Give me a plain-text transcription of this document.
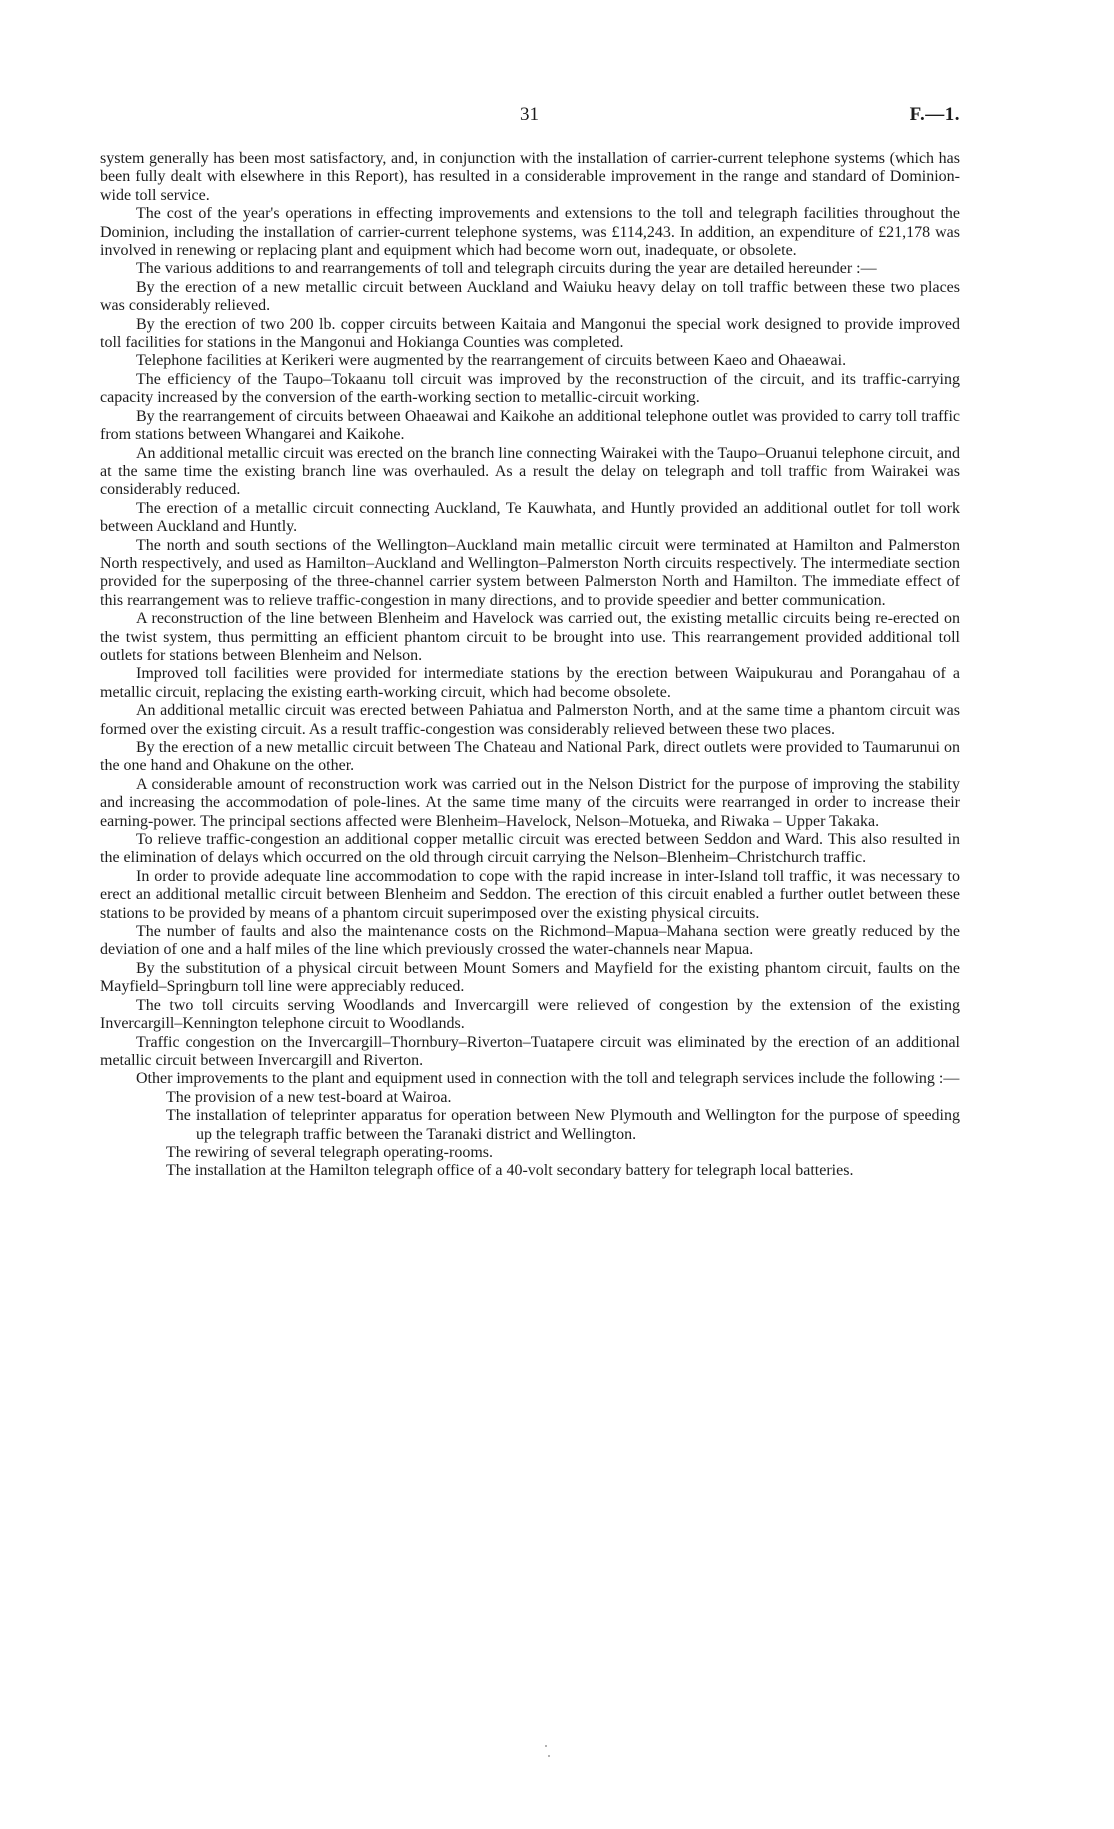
31	F.—1.

system generally has been most satisfactory, and, in conjunction with the installation of carrier-current telephone systems (which has been fully dealt with elsewhere in this Report), has resulted in a considerable improvement in the range and standard of Dominion-wide toll service.

The cost of the year's operations in effecting improvements and extensions to the toll and telegraph facilities throughout the Dominion, including the installation of carrier-current telephone systems, was £114,243. In addition, an expenditure of £21,178 was involved in renewing or replacing plant and equipment which had become worn out, inadequate, or obsolete.

The various additions to and rearrangements of toll and telegraph circuits during the year are detailed hereunder :—

By the erection of a new metallic circuit between Auckland and Waiuku heavy delay on toll traffic between these two places was considerably relieved.

By the erection of two 200 lb. copper circuits between Kaitaia and Mangonui the special work designed to provide improved toll facilities for stations in the Mangonui and Hokianga Counties was completed.

Telephone facilities at Kerikeri were augmented by the rearrangement of circuits between Kaeo and Ohaeawai.

The efficiency of the Taupo–Tokaanu toll circuit was improved by the reconstruction of the circuit, and its traffic-carrying capacity increased by the conversion of the earth-working section to metallic-circuit working.

By the rearrangement of circuits between Ohaeawai and Kaikohe an additional telephone outlet was provided to carry toll traffic from stations between Whangarei and Kaikohe.

An additional metallic circuit was erected on the branch line connecting Wairakei with the Taupo–Oruanui telephone circuit, and at the same time the existing branch line was overhauled. As a result the delay on telegraph and toll traffic from Wairakei was considerably reduced.

The erection of a metallic circuit connecting Auckland, Te Kauwhata, and Huntly provided an additional outlet for toll work between Auckland and Huntly.

The north and south sections of the Wellington–Auckland main metallic circuit were terminated at Hamilton and Palmerston North respectively, and used as Hamilton–Auckland and Wellington–Palmerston North circuits respectively. The intermediate section provided for the superposing of the three-channel carrier system between Palmerston North and Hamilton. The immediate effect of this rearrangement was to relieve traffic-congestion in many directions, and to provide speedier and better communication.

A reconstruction of the line between Blenheim and Havelock was carried out, the existing metallic circuits being re-erected on the twist system, thus permitting an efficient phantom circuit to be brought into use. This rearrangement provided additional toll outlets for stations between Blenheim and Nelson.

Improved toll facilities were provided for intermediate stations by the erection between Waipukurau and Porangahau of a metallic circuit, replacing the existing earth-working circuit, which had become obsolete.

An additional metallic circuit was erected between Pahiatua and Palmerston North, and at the same time a phantom circuit was formed over the existing circuit. As a result traffic-congestion was considerably relieved between these two places.

By the erection of a new metallic circuit between The Chateau and National Park, direct outlets were provided to Taumarunui on the one hand and Ohakune on the other.

A considerable amount of reconstruction work was carried out in the Nelson District for the purpose of improving the stability and increasing the accommodation of pole-lines. At the same time many of the circuits were rearranged in order to increase their earning-power. The principal sections affected were Blenheim–Havelock, Nelson–Motueka, and Riwaka – Upper Takaka.

To relieve traffic-congestion an additional copper metallic circuit was erected between Seddon and Ward. This also resulted in the elimination of delays which occurred on the old through circuit carrying the Nelson–Blenheim–Christchurch traffic.

In order to provide adequate line accommodation to cope with the rapid increase in inter-Island toll traffic, it was necessary to erect an additional metallic circuit between Blenheim and Seddon. The erection of this circuit enabled a further outlet between these stations to be provided by means of a phantom circuit superimposed over the existing physical circuits.

The number of faults and also the maintenance costs on the Richmond–Mapua–Mahana section were greatly reduced by the deviation of one and a half miles of the line which previously crossed the water-channels near Mapua.

By the substitution of a physical circuit between Mount Somers and Mayfield for the existing phantom circuit, faults on the Mayfield–Springburn toll line were appreciably reduced.

The two toll circuits serving Woodlands and Invercargill were relieved of congestion by the extension of the existing Invercargill–Kennington telephone circuit to Woodlands.

Traffic congestion on the Invercargill–Thornbury–Riverton–Tuatapere circuit was eliminated by the erection of an additional metallic circuit between Invercargill and Riverton.

Other improvements to the plant and equipment used in connection with the toll and telegraph services include the following :—

The provision of a new test-board at Wairoa.
The installation of teleprinter apparatus for operation between New Plymouth and Wellington for the purpose of speeding up the telegraph traffic between the Taranaki district and Wellington.
The rewiring of several telegraph operating-rooms.
The installation at the Hamilton telegraph office of a 40-volt secondary battery for telegraph local batteries.
